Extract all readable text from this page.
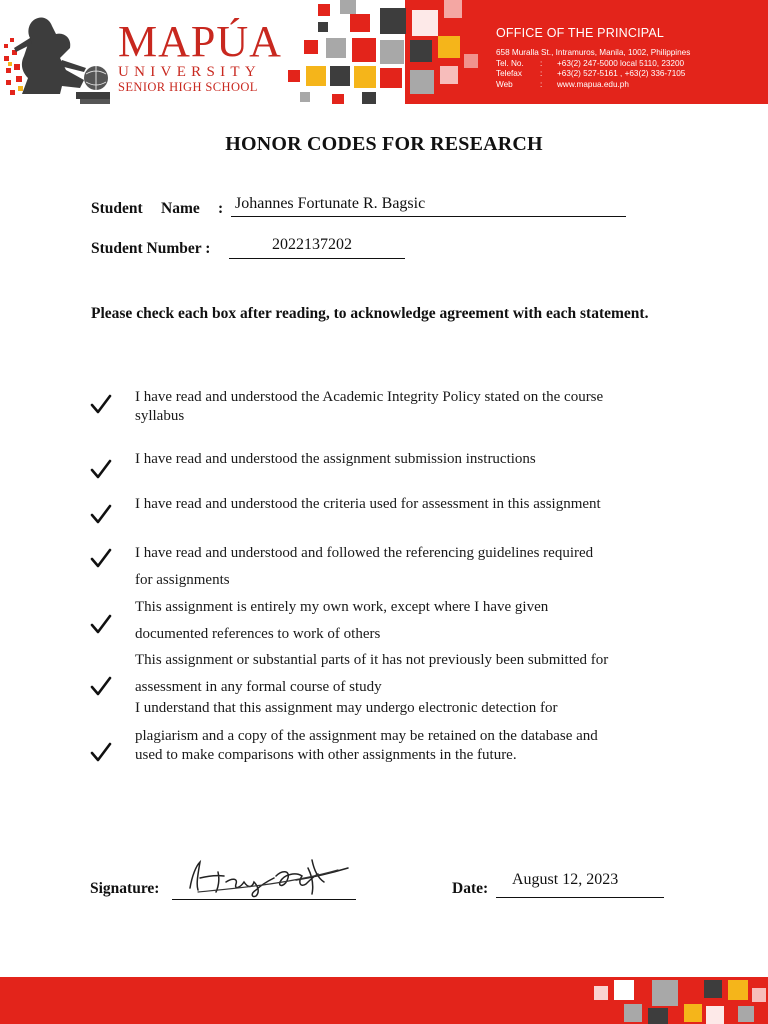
MAPÚA
UNIVERSITY
SENIOR HIGH SCHOOL
OFFICE OF THE PRINCIPAL
658 Muralla St., Intramuros, Manila, 1002, Philippines
Tel. No.	:	+63(2) 247-5000 local 5110, 23200
Telefax	:	+63(2) 527-5161 , +63(2) 336-7105
Web	:	www.mapua.edu.ph
HONOR CODES FOR RESEARCH
Student Name : Johannes Fortunate R. Bagsic
Student Number :	2022137202
Please check each box after reading, to acknowledge agreement with each statement.
I have read and understood the Academic Integrity Policy stated on the course
syllabus
I have read and understood the assignment submission instructions
I have read and understood the criteria used for assessment in this assignment
I have read and understood and followed the referencing guidelines required
for assignments
This assignment is entirely my own work, except where I have given
documented references to work of others
This assignment or substantial parts of it has not previously been submitted for
assessment in any formal course of study
I understand that this assignment may undergo electronic detection for
plagiarism and a copy of the assignment may be retained on the database and
used to make comparisons with other assignments in the future.
Signature:	Date:
August 12, 2023
